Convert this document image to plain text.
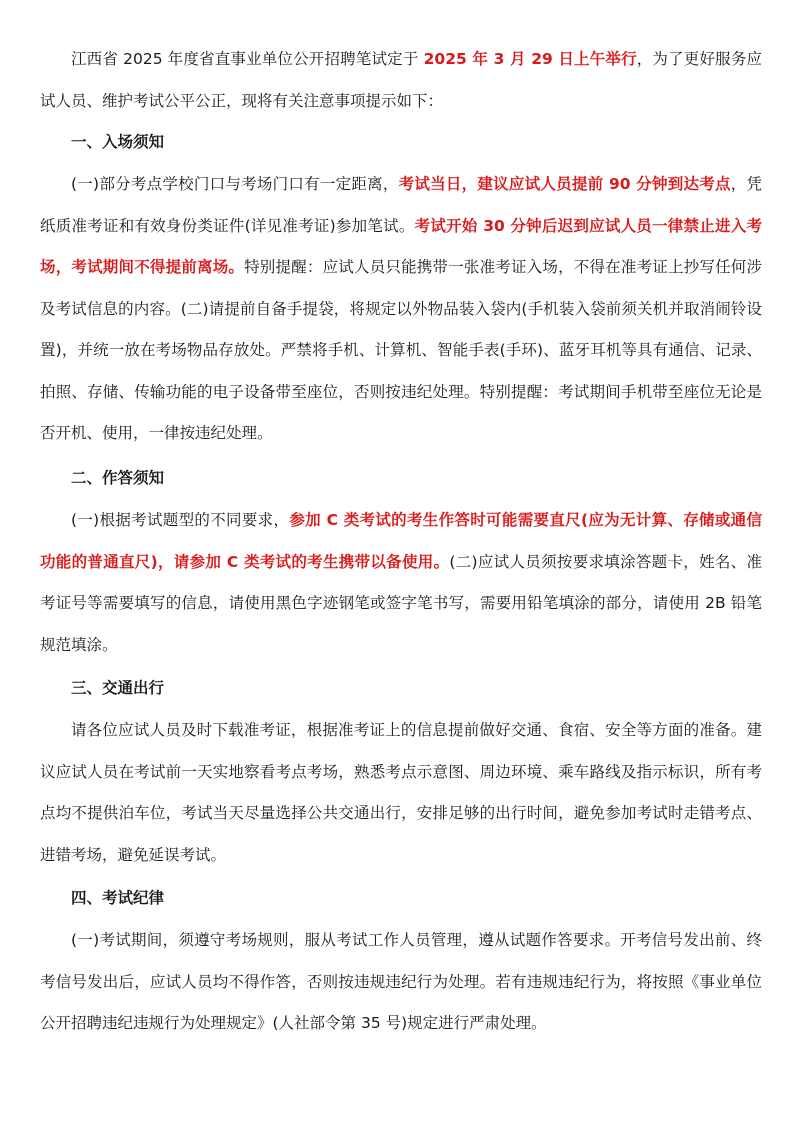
江西省 2025 年度省直事业单位公开招聘笔试定于 2025 年 3 月 29 日上午举行，为了更好服务应试人员、维护考试公平公正，现将有关注意事项提示如下：

一、入场须知

(一)部分考点学校门口与考场门口有一定距离，考试当日，建议应试人员提前 90 分钟到达考点，凭纸质准考证和有效身份类证件(详见准考证)参加笔试。考试开始 30 分钟后迟到应试人员一律禁止进入考场，考试期间不得提前离场。特别提醒：应试人员只能携带一张准考证入场，不得在准考证上抄写任何涉及考试信息的内容。(二)请提前自备手提袋，将规定以外物品装入袋内(手机装入袋前须关机并取消闹铃设置)，并统一放在考场物品存放处。严禁将手机、计算机、智能手表(手环)、蓝牙耳机等具有通信、记录、拍照、存储、传输功能的电子设备带至座位，否则按违纪处理。特别提醒：考试期间手机带至座位无论是否开机、使用，一律按违纪处理。

二、作答须知

(一)根据考试题型的不同要求，参加 C 类考试的考生作答时可能需要直尺(应为无计算、存储或通信功能的普通直尺)，请参加 C 类考试的考生携带以备使用。(二)应试人员须按要求填涂答题卡，姓名、准考证号等需要填写的信息，请使用黑色字迹钢笔或签字笔书写，需要用铅笔填涂的部分，请使用 2B 铅笔规范填涂。

三、交通出行

请各位应试人员及时下载准考证，根据准考证上的信息提前做好交通、食宿、安全等方面的准备。建议应试人员在考试前一天实地察看考点考场，熟悉考点示意图、周边环境、乘车路线及指示标识，所有考点均不提供泊车位，考试当天尽量选择公共交通出行，安排足够的出行时间，避免参加考试时走错考点、进错考场，避免延误考试。

四、考试纪律

(一)考试期间，须遵守考场规则，服从考试工作人员管理，遵从试题作答要求。开考信号发出前、终考信号发出后，应试人员均不得作答，否则按违规违纪行为处理。若有违规违纪行为，将按照《事业单位公开招聘违纪违规行为处理规定》(人社部令第 35 号)规定进行严肃处理。
